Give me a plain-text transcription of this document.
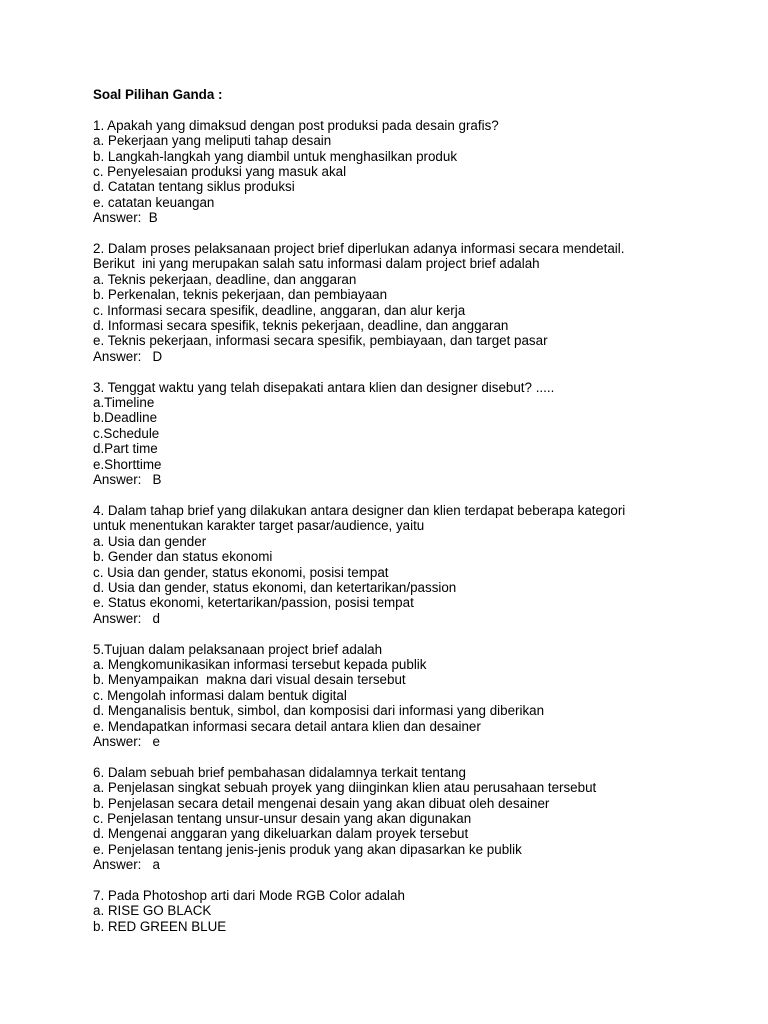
Soal Pilihan Ganda :
1. Apakah yang dimaksud dengan post produksi pada desain grafis?
a. Pekerjaan yang meliputi tahap desain
b. Langkah-langkah yang diambil untuk menghasilkan produk
c. Penyelesaian produksi yang masuk akal
d. Catatan tentang siklus produksi
e. catatan keuangan
Answer:  B
2. Dalam proses pelaksanaan project brief diperlukan adanya informasi secara mendetail.
Berikut  ini yang merupakan salah satu informasi dalam project brief adalah
a. Teknis pekerjaan, deadline, dan anggaran
b. Perkenalan, teknis pekerjaan, dan pembiayaan
c. Informasi secara spesifik, deadline, anggaran, dan alur kerja
d. Informasi secara spesifik, teknis pekerjaan, deadline, dan anggaran
e. Teknis pekerjaan, informasi secara spesifik, pembiayaan, dan target pasar
Answer:   D
3. Tenggat waktu yang telah disepakati antara klien dan designer disebut? .....
a.Timeline
b.Deadline
c.Schedule
d.Part time
e.Shorttime
Answer:   B
4. Dalam tahap brief yang dilakukan antara designer dan klien terdapat beberapa kategori
untuk menentukan karakter target pasar/audience, yaitu
a. Usia dan gender
b. Gender dan status ekonomi
c. Usia dan gender, status ekonomi, posisi tempat
d. Usia dan gender, status ekonomi, dan ketertarikan/passion
e. Status ekonomi, ketertarikan/passion, posisi tempat
Answer:   d
5.Tujuan dalam pelaksanaan project brief adalah
a. Mengkomunikasikan informasi tersebut kepada publik
b. Menyampaikan  makna dari visual desain tersebut
c. Mengolah informasi dalam bentuk digital
d. Menganalisis bentuk, simbol, dan komposisi dari informasi yang diberikan
e. Mendapatkan informasi secara detail antara klien dan desainer
Answer:   e
6. Dalam sebuah brief pembahasan didalamnya terkait tentang
a. Penjelasan singkat sebuah proyek yang diinginkan klien atau perusahaan tersebut
b. Penjelasan secara detail mengenai desain yang akan dibuat oleh desainer
c. Penjelasan tentang unsur-unsur desain yang akan digunakan
d. Mengenai anggaran yang dikeluarkan dalam proyek tersebut
e. Penjelasan tentang jenis-jenis produk yang akan dipasarkan ke publik
Answer:   a
7. Pada Photoshop arti dari Mode RGB Color adalah
a. RISE GO BLACK
b. RED GREEN BLUE
